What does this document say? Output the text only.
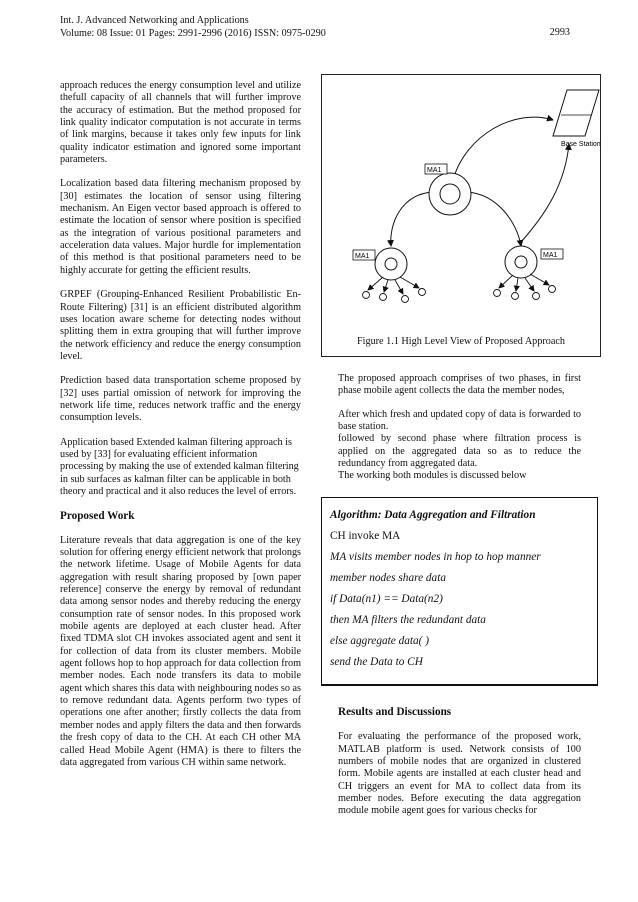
Int. J. Advanced Networking and Applications
Volume: 08 Issue: 01 Pages: 2991-2996 (2016) ISSN: 0975-0290	2993

approach reduces the energy consumption level and utilize thefull capacity of all channels that will further improve the accuracy of estimation. But the method proposed for link quality indicator computation is not accurate in terms of link margins, because it takes only few inputs for link quality indicator estimation and ignored some important parameters.

Localization based data filtering mechanism proposed by [30] estimates the location of sensor using filtering mechanism. An Eigen vector based approach is offered to estimate the location of sensor where position is specified as the integration of various positional parameters and acceleration data values. Major hurdle for implementation of this method is that positional parameters need to be highly accurate for getting the efficient results.

GRPEF (Grouping-Enhanced Resilient Probabilistic En-Route Filtering) [31] is an efficient distributed algorithm uses location aware scheme for detecting nodes without splitting them in extra grouping that will further improve the network efficiency and reduce the energy consumption level.

Prediction based data transportation scheme proposed by [32] uses partial omission of network for improving the network life time, reduces network traffic and the energy consumption levels.

Application based Extended kalman filtering approach is used by [33] for evaluating efficient information processing by making the use of extended kalman filtering in sub surfaces as kalman filter can be applicable in both theory and practical and it also reduces the level of errors.

Proposed Work

Literature reveals that data aggregation is one of the key solution for offering energy efficient network that prolongs the network lifetime. Usage of Mobile Agents for data aggregation with result sharing proposed by [own paper reference] conserve the energy by removal of redundant data among sensor nodes and thereby reducing the energy consumption rate of sensor nodes. In this proposed work mobile agents are deployed at each cluster head. After fixed TDMA slot CH invokes associated agent and sent it for collection of data from its cluster members. Mobile agent follows hop to hop approach for data collection from member nodes. Each node transfers its data to mobile agent which shares this data with neighbouring nodes so as to remove redundant data. Agents perform two types of operations one after another; firstly collects the data from member nodes and apply filters the data and then forwards the fresh copy of data to the CH. At each CH other MA called Head Mobile Agent (HMA) is there to filters the data aggregated from various CH within same network.

Base Station
MA1
MA1	MA1
Figure 1.1 High Level View of Proposed Approach

The proposed approach comprises of two phases, in first phase mobile agent collects the data the member nodes,

After which fresh and updated copy of data is forwarded to base station.

followed by second phase where filtration process is applied on the aggregated data so as to reduce the redundancy from aggregated data.

The working both modules is discussed below

Algorithm: Data Aggregation and Filtration
CH invoke MA
MA visits member nodes in hop to hop manner
member nodes share data
if Data(n1) == Data(n2)
then MA filters the redundant data
else aggregate data( )
send the Data to CH
Results and Discussions
For evaluating the performance of the proposed work, MATLAB platform is used. Network consists of 100 numbers of mobile nodes that are organized in clustered form. Mobile agents are installed at each cluster head and CH triggers an event for MA to collect data from its member nodes. Before executing the data aggregation module mobile agent goes for various checks for
